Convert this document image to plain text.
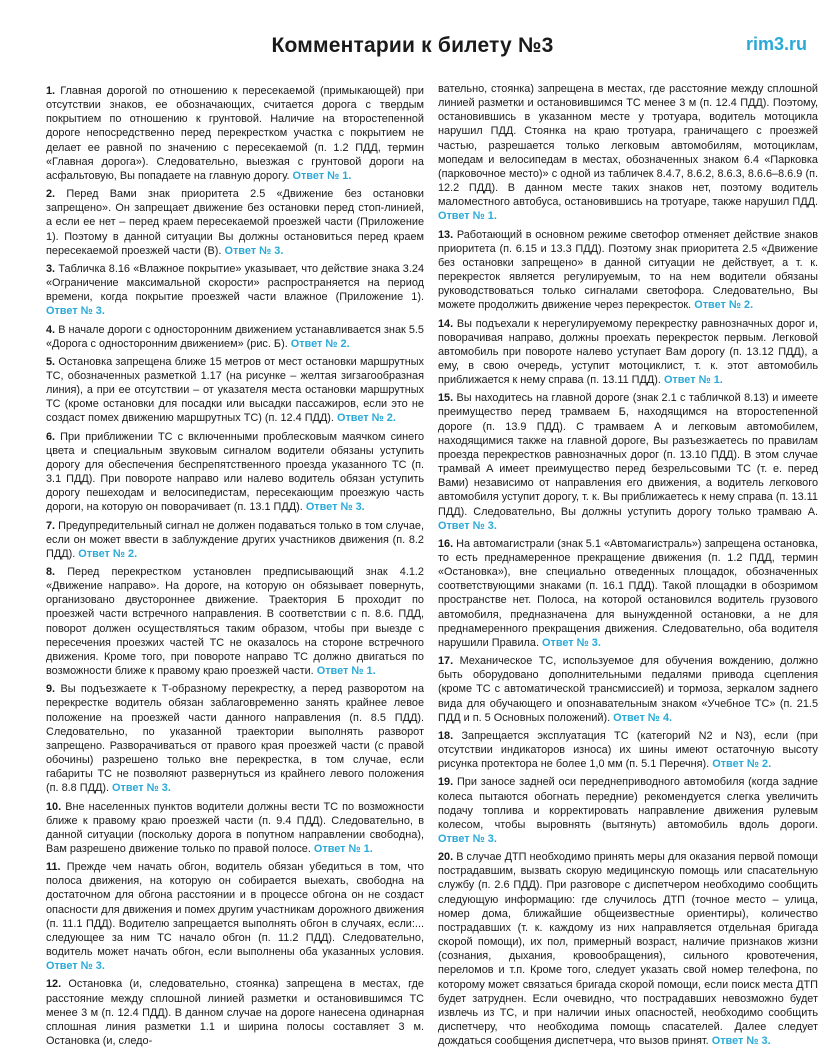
Комментарии к билету №3	rim3.ru

1. Главная дорогой по отношению к пересекаемой (примыкающей) при отсутствии знаков, ее обозначающих, считается дорога с твердым покрытием по отношению к грунтовой. Наличие на второстепенной дороге непосредственно перед перекрестком участка с покрытием не делает ее равной по значению с пересекаемой (п. 1.2 ПДД, термин «Главная дорога»). Следовательно, выезжая с грунтовой дороги на асфальтовую, Вы попадаете на главную дорогу. Ответ № 1.

2. Перед Вами знак приоритета 2.5 «Движение без остановки запрещено». Он запрещает движение без остановки перед стоп-линией, а если ее нет – перед краем пересекаемой проезжей части (Приложение 1). Поэтому в данной ситуации Вы должны остановиться перед краем пересекаемой проезжей части (В). Ответ № 3.

3. Табличка 8.16 «Влажное покрытие» указывает, что действие знака 3.24 «Ограничение максимальной скорости» распространяется на период времени, когда покрытие проезжей части влажное (Приложение 1). Ответ № 3.

4. В начале дороги с односторонним движением устанавливается знак 5.5 «Дорога с односторонним движением» (рис. Б). Ответ № 2.

5. Остановка запрещена ближе 15 метров от мест остановки маршрутных ТС, обозначенных разметкой 1.17 (на рисунке – желтая зигзагообразная линия), а при ее отсутствии – от указателя места остановки маршрутных ТС (кроме остановки для посадки или высадки пассажиров, если это не создаст помех движению маршрутных ТС) (п. 12.4 ПДД). Ответ № 2.

6. При приближении ТС с включенными проблесковым маячком синего цвета и специальным звуковым сигналом водители обязаны уступить дорогу для обеспечения беспрепятственного проезда указанного ТС (п. 3.1 ПДД). При повороте направо или налево водитель обязан уступить дорогу пешеходам и велосипедистам, пересекающим проезжую часть дороги, на которую он поворачивает (п. 13.1 ПДД). Ответ № 3.

7. Предупредительный сигнал не должен подаваться только в том случае, если он может ввести в заблуждение других участников движения (п. 8.2 ПДД). Ответ № 2.

8. Перед перекрестком установлен предписывающий знак 4.1.2 «Движение направо». На дороге, на которую он обязывает повернуть, организовано двустороннее движение. Траектория Б проходит по проезжей части встречного направления. В соответствии с п. 8.6. ПДД, поворот должен осуществляться таким образом, чтобы при выезде с пересечения проезжих частей ТС не оказалось на стороне встречного движения. Кроме того, при повороте направо ТС должно двигаться по возможности ближе к правому краю проезжей части. Ответ № 1.

9. Вы подъезжаете к Т-образному перекрестку, а перед разворотом на перекрестке водитель обязан заблаговременно занять крайнее левое положение на проезжей части данного направления (п. 8.5 ПДД). Следовательно, по указанной траектории выполнять разворот запрещено. Разворачиваться от правого края проезжей части (с правой обочины) разрешено только вне перекрестка, в том случае, если габариты ТС не позволяют развернуться из крайнего левого положения (п. 8.8 ПДД). Ответ № 3.

10. Вне населенных пунктов водители должны вести ТС по возможности ближе к правому краю проезжей части (п. 9.4 ПДД). Следовательно, в данной ситуации (поскольку дорога в попутном направлении свободна), Вам разрешено движение только по правой полосе. Ответ № 1.

11. Прежде чем начать обгон, водитель обязан убедиться в том, что полоса движения, на которую он собирается выехать, свободна на достаточном для обгона расстоянии и в процессе обгона он не создаст опасности для движения и помех другим участникам дорожного движения (п. 11.1 ПДД). Водителю запрещается выполнять обгон в случаях, если:... следующее за ним ТС начало обгон (п. 11.2 ПДД). Следовательно, водитель может начать обгон, если выполнены оба указанных условия. Ответ № 3.

12. Остановка (и, следовательно, стоянка) запрещена в местах, где расстояние между сплошной линией разметки и остановившимся ТС менее 3 м (п. 12.4 ПДД). В данном случае на дороге нанесена одинарная сплошная линия разметки 1.1 и ширина полосы составляет 3 м. Остановка (и, следо-

вательно, стоянка) запрещена в местах, где расстояние между сплошной линией разметки и остановившимся ТС менее 3 м (п. 12.4 ПДД). Поэтому, остановившись в указанном месте у тротуара, водитель мотоцикла нарушил ПДД. Стоянка на краю тротуара, граничащего с проезжей частью, разрешается только легковым автомобилям, мотоциклам, мопедам и велосипедам в местах, обозначенных знаком 6.4 «Парковка (парковочное место)» с одной из табличек 8.4.7, 8.6.2, 8.6.3, 8.6.6–8.6.9 (п. 12.2 ПДД). В данном месте таких знаков нет, поэтому водитель маломестного автобуса, остановившись на тротуаре, также нарушил ПДД. Ответ № 1.

13. Работающий в основном режиме светофор отменяет действие знаков приоритета (п. 6.15 и 13.3 ПДД). Поэтому знак приоритета 2.5 «Движение без остановки запрещено» в данной ситуации не действует, а т. к. перекресток является регулируемым, то на нем водители обязаны руководствоваться только сигналами светофора. Следовательно, Вы можете продолжить движение через перекресток. Ответ № 2.

14. Вы подъехали к нерегулируемому перекрестку равнозначных дорог и, поворачивая направо, должны проехать перекресток первым. Легковой автомобиль при повороте налево уступает Вам дорогу (п. 13.12 ПДД), а ему, в свою очередь, уступит мотоциклист, т. к. этот автомобиль приближается к нему справа (п. 13.11 ПДД). Ответ № 1.

15. Вы находитесь на главной дороге (знак 2.1 с табличкой 8.13) и имеете преимущество перед трамваем Б, находящимся на второстепенной дороге (п. 13.9 ПДД). С трамваем А и легковым автомобилем, находящимися также на главной дороге, Вы разъезжаетесь по правилам проезда перекрестков равнозначных дорог (п. 13.10 ПДД). В этом случае трамвай А имеет преимущество перед безрельсовыми ТС (т. е. перед Вами) независимо от направления его движения, а водитель легкового автомобиля уступит дорогу, т. к. Вы приближаетесь к нему справа (п. 13.11 ПДД). Следовательно, Вы должны уступить дорогу только трамваю А. Ответ № 3.

16. На автомагистрали (знак 5.1 «Автомагистраль») запрещена остановка, то есть преднамеренное прекращение движения (п. 1.2 ПДД, термин «Остановка»), вне специально отведенных площадок, обозначенных соответствующими знаками (п. 16.1 ПДД). Такой площадки в обозримом пространстве нет. Полоса, на которой остановился водитель грузового автомобиля, предназначена для вынужденной остановки, а не для преднамеренного прекращения движения. Следовательно, оба водителя нарушили Правила. Ответ № 3.

17. Механическое ТС, используемое для обучения вождению, должно быть оборудовано дополнительными педалями привода сцепления (кроме ТС с автоматической трансмиссией) и тормоза, зеркалом заднего вида для обучающего и опознавательным знаком «Учебное ТС» (п. 21.5 ПДД и п. 5 Основных положений). Ответ № 4.

18. Запрещается эксплуатация ТС (категорий N2 и N3), если (при отсутствии индикаторов износа) их шины имеют остаточную высоту рисунка протектора не более 1,0 мм (п. 5.1 Перечня). Ответ № 2.

19. При заносе задней оси переднеприводного автомобиля (когда задние колеса пытаются обогнать передние) рекомендуется слегка увеличить подачу топлива и корректировать направление движения рулевым колесом, чтобы выровнять (вытянуть) автомобиль вдоль дороги. Ответ № 3.

20. В случае ДТП необходимо принять меры для оказания первой помощи пострадавшим, вызвать скорую медицинскую помощь или спасательную службу (п. 2.6 ПДД). При разговоре с диспетчером необходимо сообщить следующую информацию: где случилось ДТП (точное место – улица, номер дома, ближайшие общеизвестные ориентиры), количество пострадавших (т. к. каждому из них направляется отдельная бригада скорой помощи), их пол, примерный возраст, наличие признаков жизни (сознания, дыхания, кровообращения), сильного кровотечения, переломов и т.п. Кроме того, следует указать свой номер телефона, по которому может связаться бригада скорой помощи, если поиск места ДТП будет затруднен. Если очевидно, что пострадавших невозможно будет извлечь из ТС, и при наличии иных опасностей, необходимо сообщить диспетчеру, что необходима помощь спасателей. Далее следует дождаться сообщения диспетчера, что вызов принят. Ответ № 3.
